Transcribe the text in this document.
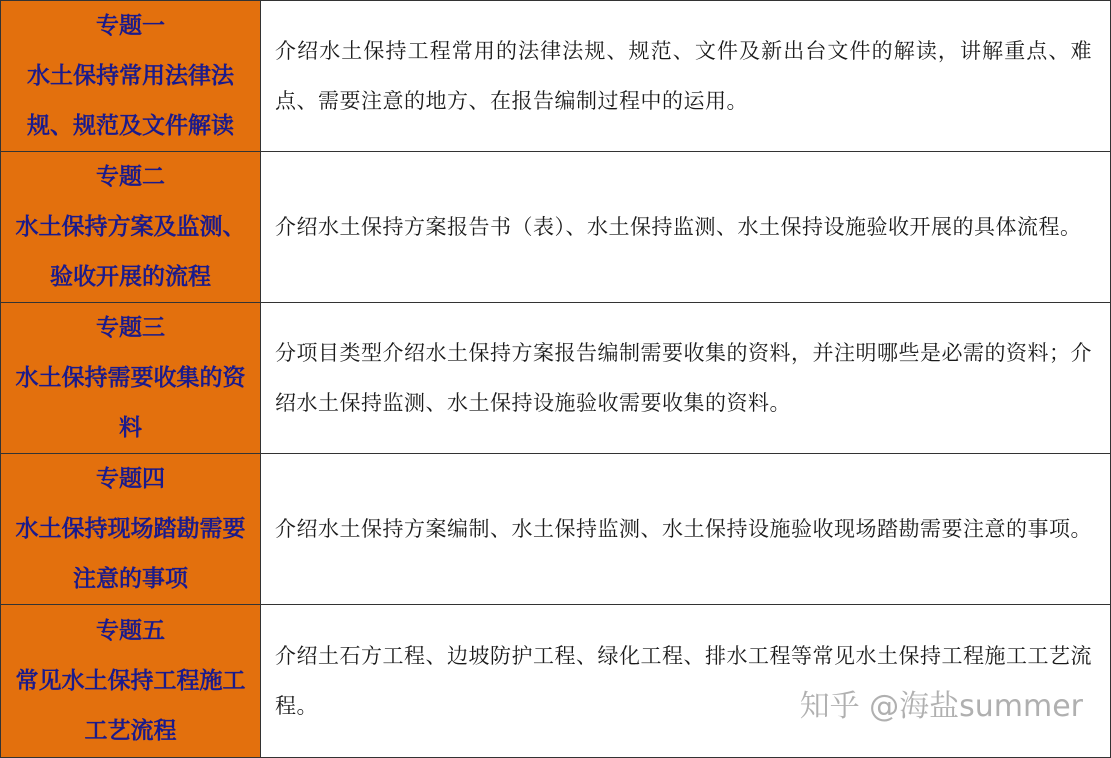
专题一
水土保持常用法律法规、规范及文件解读	介绍水土保持工程常用的法律法规、规范、文件及新出台文件的解读，讲解重点、难点、需要注意的地方、在报告编制过程中的运用。

专题二
水土保持方案及监测、验收开展的流程	介绍水土保持方案报告书（表）、水土保持监测、水土保持设施验收开展的具体流程。

专题三
水土保持需要收集的资料	分项目类型介绍水土保持方案报告编制需要收集的资料，并注明哪些是必需的资料；介绍水土保持监测、水土保持设施验收需要收集的资料。

专题四
水土保持现场踏勘需要注意的事项	介绍水土保持方案编制、水土保持监测、水土保持设施验收现场踏勘需要注意的事项。

专题五
常见水土保持工程施工工艺流程	介绍土石方工程、边坡防护工程、绿化工程、排水工程等常见水土保持工程施工工艺流程。	知乎 @海盐summer
